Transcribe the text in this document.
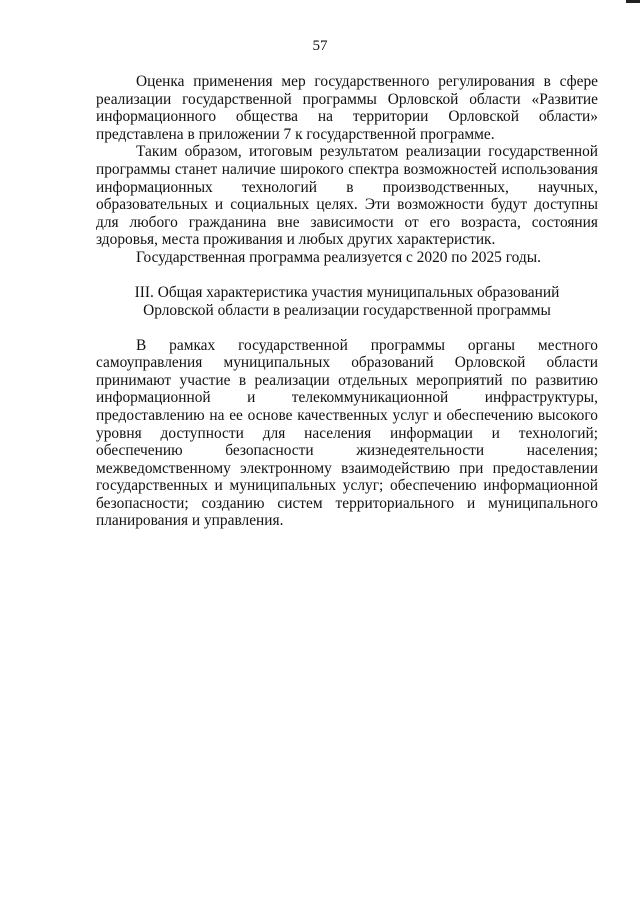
57

Оценка применения мер государственного регулирования в сфере реализации государственной программы Орловской области «Развитие информационного общества на территории Орловской области» представлена в приложении 7 к государственной программе.

Таким образом, итоговым результатом реализации государственной программы станет наличие широкого спектра возможностей использования информационных технологий в производственных, научных, образовательных и социальных целях. Эти возможности будут доступны для любого гражданина вне зависимости от его возраста, состояния здоровья, места проживания и любых других характеристик.

Государственная программа реализуется с 2020 по 2025 годы.

III. Общая характеристика участия муниципальных образований
Орловской области в реализации государственной программы

В рамках государственной программы органы местного самоуправления муниципальных образований Орловской области принимают участие в реализации отдельных мероприятий по развитию информационной и телекоммуникационной инфраструктуры, предоставлению на ее основе качественных услуг и обеспечению высокого уровня доступности для населения информации и технологий; обеспечению безопасности жизнедеятельности населения; межведомственному электронному взаимодействию при предоставлении государственных и муниципальных услуг; обеспечению информационной безопасности; созданию систем территориального и муниципального планирования и управления.
